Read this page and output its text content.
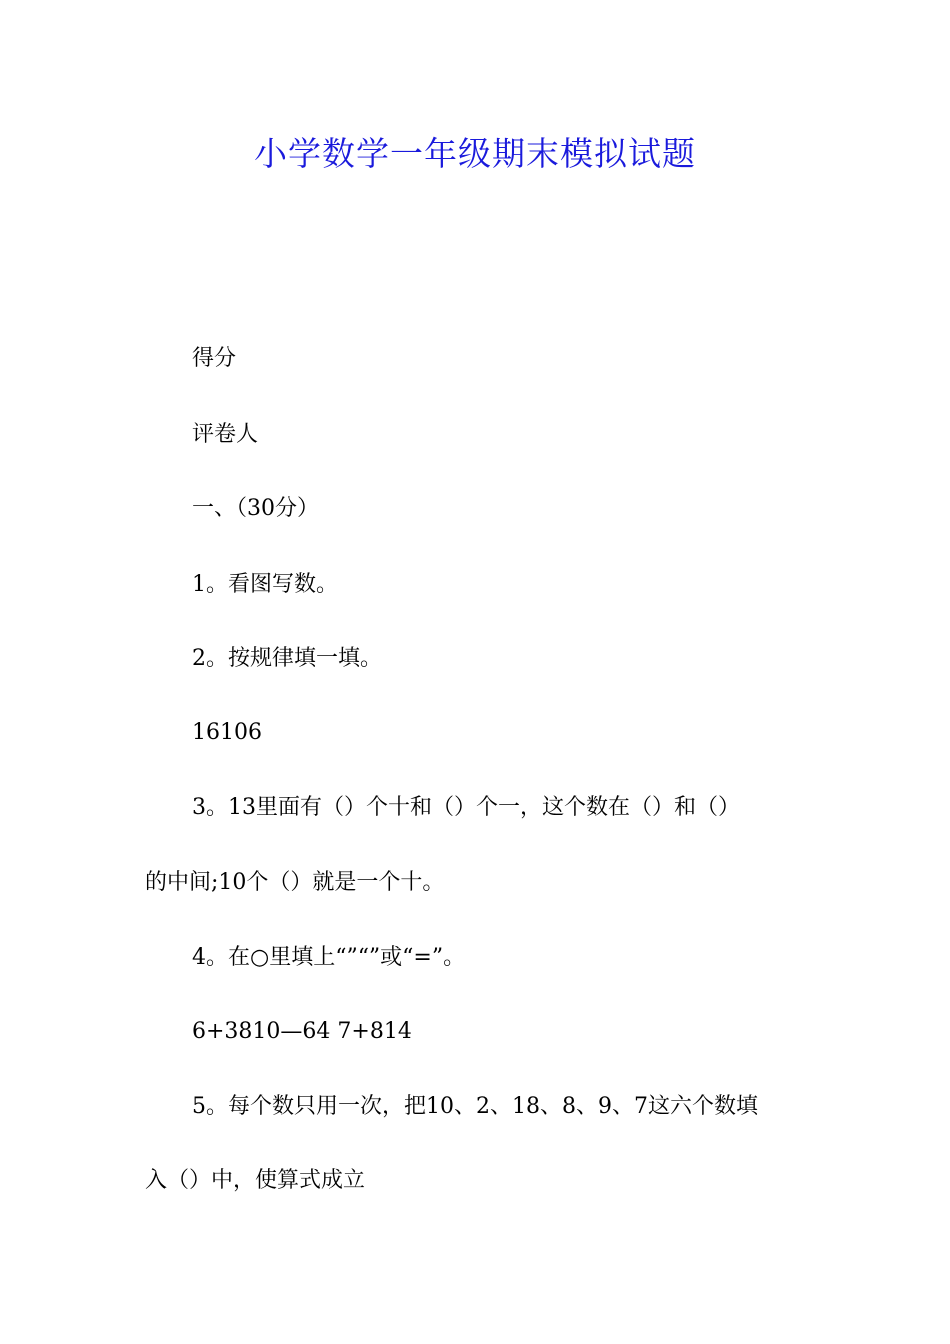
小学数学一年级期末模拟试题
得分
评卷人
一、（30分）
1。看图写数。
2。按规律填一填。
16106
3。13里面有（）个十和（）个一，这个数在（）和（）
的中间;10个（）就是一个十。
4。在○里填上“”“”或“=”。
6+3810—64 7+814
5。每个数只用一次，把10、2、18、8、9、7这六个数填
入（）中，使算式成立
